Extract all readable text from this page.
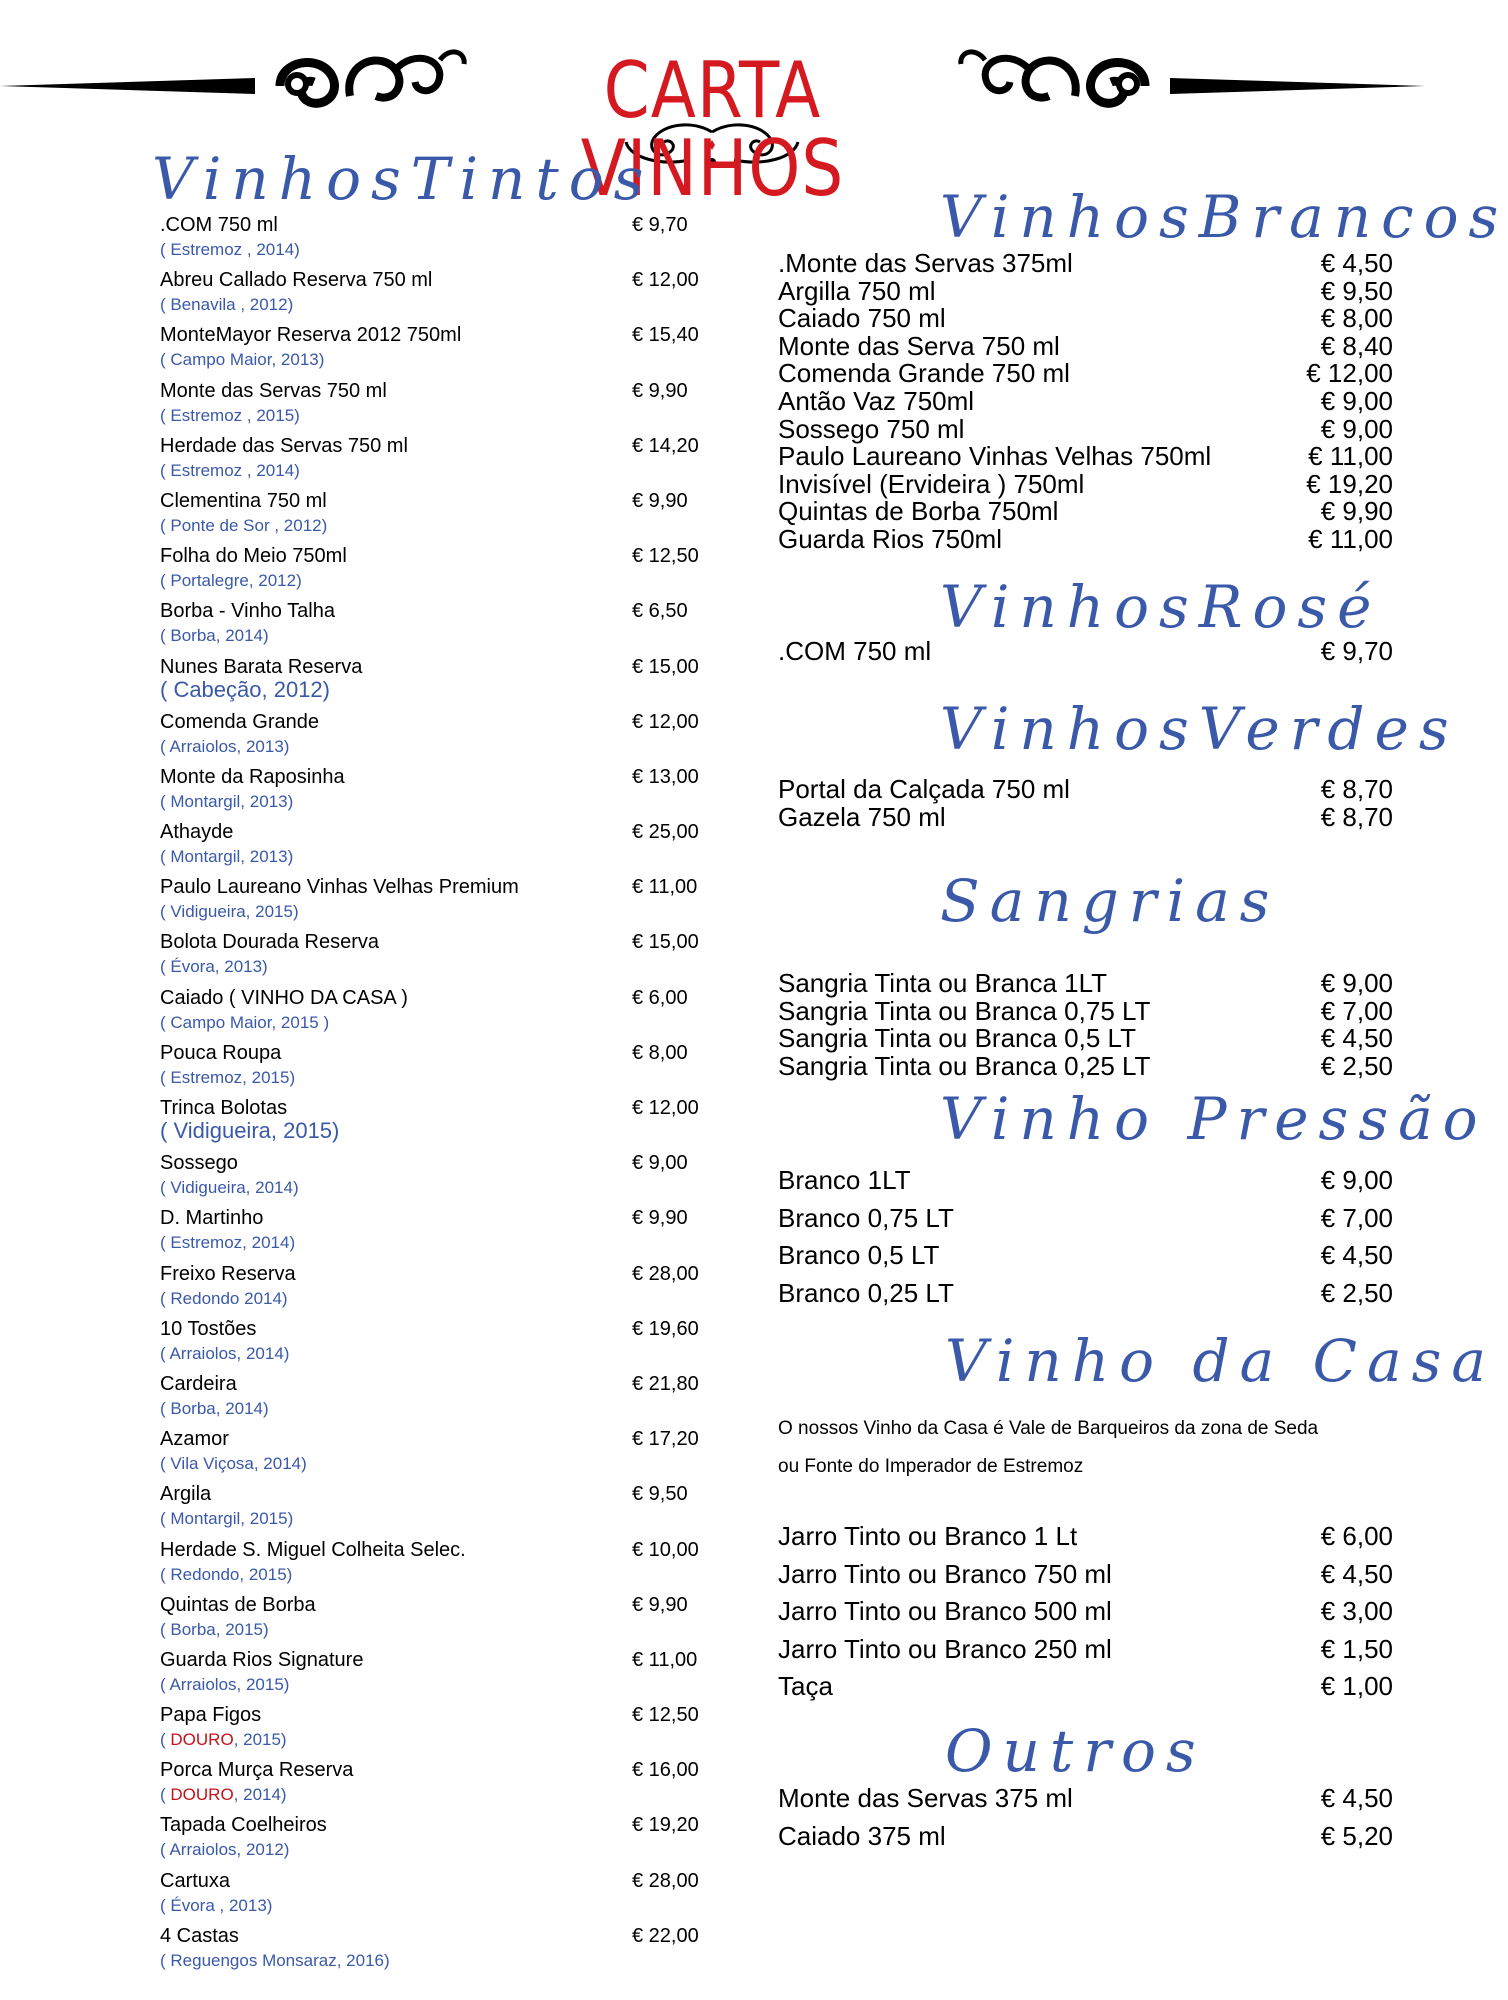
CARTA VINHOS
VinhosTintos
.COM 750 ml
( Estremoz , 2014)
€ 9,70
Abreu Callado Reserva 750 ml
( Benavila , 2012)
€ 12,00
MonteMayor Reserva 2012 750ml
( Campo Maior, 2013)
€ 15,40
Monte das Servas 750 ml
( Estremoz , 2015)
€ 9,90
Herdade das Servas 750 ml
( Estremoz , 2014)
€ 14,20
Clementina 750 ml
( Ponte de Sor , 2012)
€ 9,90
Folha do Meio 750ml
( Portalegre, 2012)
€ 12,50
Borba - Vinho Talha
( Borba, 2014)
€ 6,50
Nunes Barata Reserva
( Cabeção, 2012)
€ 15,00
Comenda Grande
( Arraiolos, 2013)
€ 12,00
Monte da Raposinha
( Montargil, 2013)
€ 13,00
Athayde
( Montargil, 2013)
€ 25,00
Paulo Laureano Vinhas Velhas Premium
( Vidigueira, 2015)
€ 11,00
Bolota Dourada Reserva
( Évora, 2013)
€ 15,00
Caiado ( VINHO DA CASA )
( Campo Maior, 2015 )
€ 6,00
Pouca Roupa
( Estremoz, 2015)
€ 8,00
Trinca Bolotas
( Vidigueira, 2015)
€ 12,00
Sossego
( Vidigueira, 2014)
€ 9,00
D. Martinho
( Estremoz, 2014)
€ 9,90
Freixo Reserva
( Redondo 2014)
€ 28,00
10 Tostões
( Arraiolos, 2014)
€ 19,60
Cardeira
( Borba, 2014)
€ 21,80
Azamor
( Vila Viçosa, 2014)
€ 17,20
Argila
( Montargil, 2015)
€ 9,50
Herdade S. Miguel Colheita Selec.
( Redondo, 2015)
€ 10,00
Quintas de Borba
( Borba, 2015)
€ 9,90
Guarda Rios Signature
( Arraiolos, 2015)
€ 11,00
Papa Figos
( DOURO, 2015)
€ 12,50
Porca Murça Reserva
( DOURO, 2014)
€ 16,00
Tapada Coelheiros
( Arraiolos, 2012)
€ 19,20
Cartuxa
( Évora , 2013)
€ 28,00
4 Castas
( Reguengos Monsaraz, 2016)
€ 22,00
VinhosBrancos
.Monte das Servas 375ml	€ 4,50
Argilla 750 ml	€ 9,50
Caiado 750 ml	€ 8,00
Monte das Serva 750 ml	€ 8,40
Comenda Grande 750 ml	€ 12,00
Antão Vaz 750ml	€ 9,00
Sossego 750 ml	€ 9,00
Paulo Laureano Vinhas Velhas 750ml	€ 11,00
Invisível (Ervideira ) 750ml	€ 19,20
Quintas de Borba 750ml	€ 9,90
Guarda Rios 750ml	€ 11,00
VinhosRosé
.COM 750 ml	€ 9,70
VinhosVerdes
Portal da Calçada 750 ml	€ 8,70
Gazela 750 ml	€ 8,70
Sangrias
Sangria Tinta ou Branca 1LT	€ 9,00
Sangria Tinta ou Branca 0,75 LT	€ 7,00
Sangria Tinta ou Branca 0,5 LT	€ 4,50
Sangria Tinta ou Branca 0,25 LT	€ 2,50
Vinho Pressão
Branco 1LT	€ 9,00
Branco 0,75 LT	€ 7,00
Branco 0,5 LT	€ 4,50
Branco 0,25 LT	€ 2,50
Vinho da Casa
O nossos Vinho da Casa é Vale de Barqueiros da zona de Seda
ou Fonte do Imperador de Estremoz
Jarro Tinto ou Branco 1 Lt	€ 6,00
Jarro Tinto ou Branco 750 ml	€ 4,50
Jarro Tinto ou Branco 500 ml	€ 3,00
Jarro Tinto ou Branco 250 ml	€ 1,50
Taça	€ 1,00
Outros
Monte das Servas 375 ml	€ 4,50
Caiado 375 ml	€ 5,20
